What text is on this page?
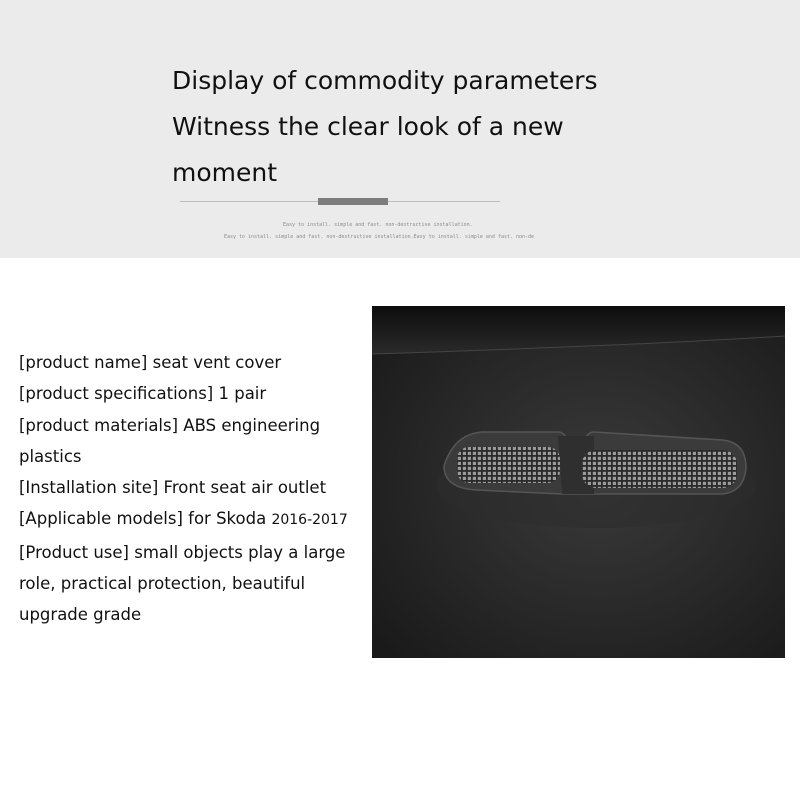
Display of commodity parameters
Witness the clear look of a new moment
Easy to install. simple and fast. non-destructive installation.
Easy to install. simple and fast. non-destructive installation.Easy to install. simple and fast. non-de
[product name] seat vent cover
[product specifications] 1 pair
[product materials] ABS engineering plastics
[Installation site] Front seat air outlet
[Applicable models] for Skoda 2016-2017
[Product use] small objects play a large role, practical protection, beautiful upgrade grade
